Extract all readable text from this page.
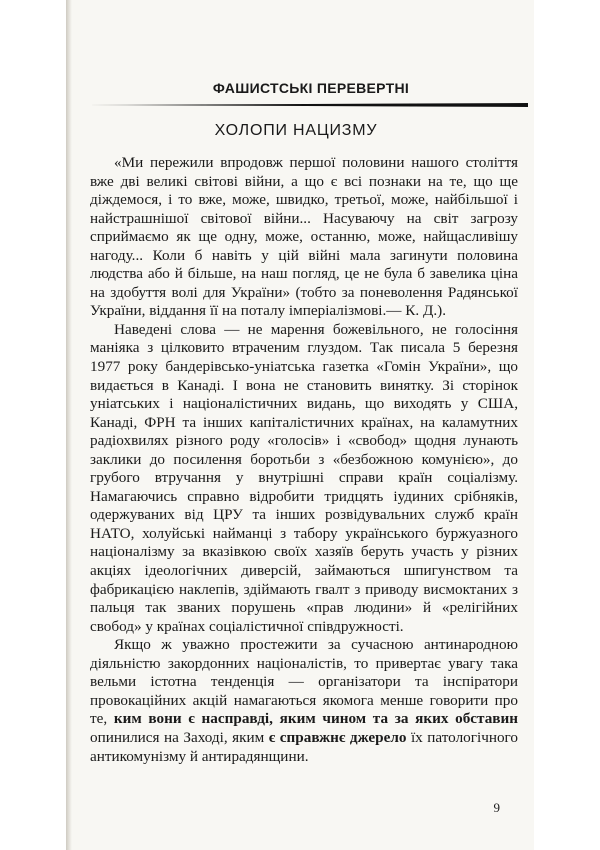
ФАШИСТСЬКІ ПЕРЕВЕРТНІ
ХОЛОПИ НАЦИЗМУ

«Ми пережили впродовж першої половини нашого століття вже дві великі світові війни, а що є всі познаки на те, що ще діждемося, і то вже, може, швидко, третьої, може, найбільшої і найстрашнішої світової війни... Насуваючу на світ загрозу сприймаємо як ще одну, може, останню, може, найщасливішу нагоду... Коли б навіть у цій війні мала загинути половина людства або й більше, на наш погляд, це не була б завелика ціна на здобуття волі для України» (тобто за поневолення Радянської України, віддання її на поталу імперіалізмові.— К. Д.).

Наведені слова — не марення божевільного, не голосіння маніяка з цілковито втраченим глуздом. Так писала 5 березня 1977 року бандерівсько-уніатська газетка «Гомін України», що видається в Канаді. І вона не становить винятку. Зі сторінок уніатських і націоналістичних видань, що виходять у США, Канаді, ФРН та інших капіталістичних країнах, на каламутних радіохвилях різного роду «голосів» і «свобод» щодня лунають заклики до посилення боротьби з «безбожною комунією», до грубого втручання у внутрішні справи країн соціалізму. Намагаючись справно відробити тридцять іудиних срібняків, одержуваних від ЦРУ та інших розвідувальних служб країн НАТО, холуйські найманці з табору українського буржуазного націоналізму за вказівкою своїх хазяїв беруть участь у різних акціях ідеологічних диверсій, займаються шпигунством та фабрикацією наклепів, здіймають гвалт з приводу висмоктаних з пальця так званих порушень «прав людини» й «релігійних свобод» у країнах соціалістичної співдружності.

Якщо ж уважно простежити за сучасною антинародною діяльністю закордонних націоналістів, то привертає увагу така вельми істотна тенденція — організатори та інспіратори провокаційних акцій намагаються якомога менше говорити про те, ким вони є насправді, яким чином та за яких обставин опинилися на Заході, яким є справжнє джерело їх патологічного антикомунізму й антирадянщини.

9
